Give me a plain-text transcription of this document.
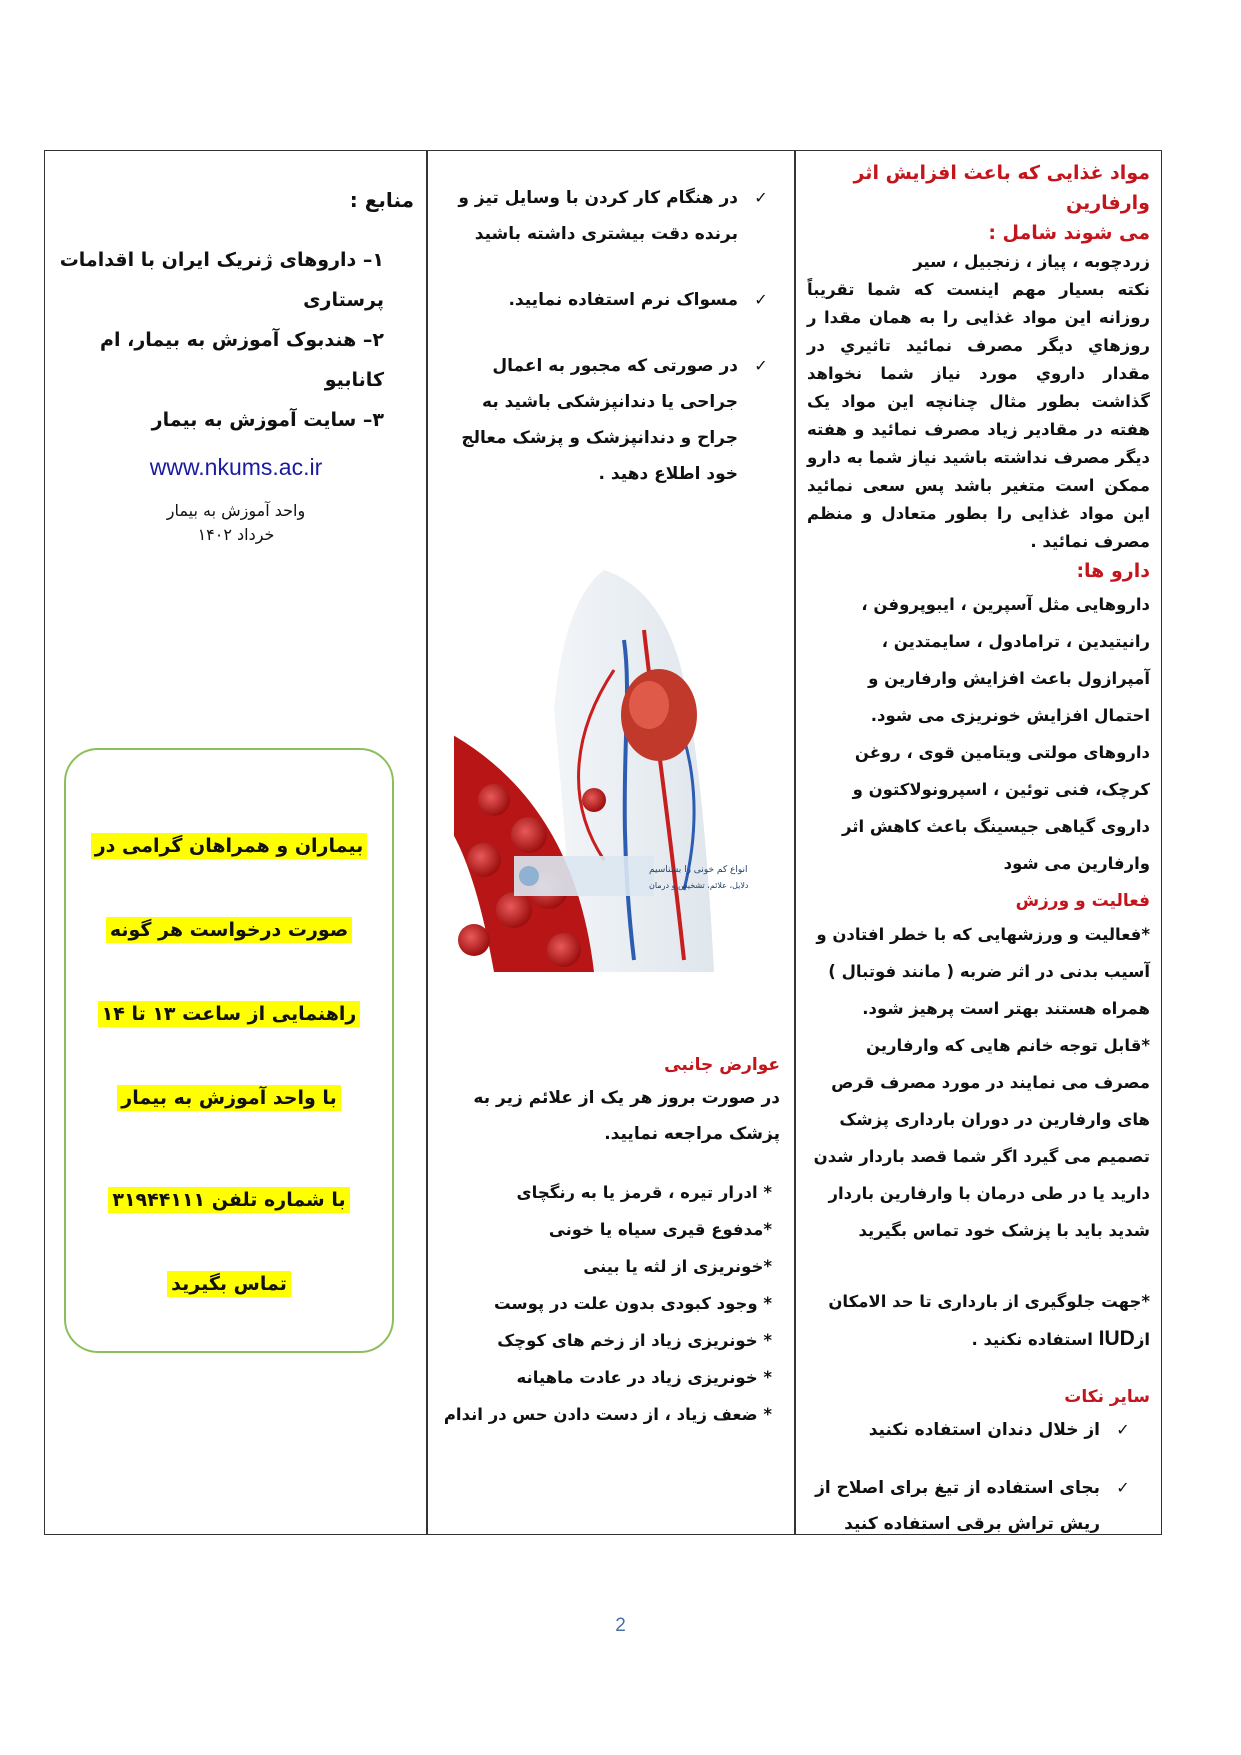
مواد غذایی که باعث افزایش اثر وارفارین

می شوند شامل :

زردچوبه ، پیاز ، زنجبیل ، سیر

نکته بسیار مهم اینست که شما تقریباً روزانه این مواد غذایی را به همان مقدا ر روزهاي دیگر مصرف نمائید تاثيري در مقدار داروي مورد نیاز شما نخواهد گذاشت بطور مثال چنانچه این مواد یک هفته در مقادیر زیاد مصرف نمائید و هفته دیگر مصرف نداشته باشید نیاز شما به دارو ممکن است متغیر باشد پس سعی نمائید این مواد غذایی را بطور متعادل و منظم مصرف نمائید .

دارو ها:

داروهایی مثل آسپرین ، ایبوپروفن ، رانیتیدین ، ترامادول ، سایمتدین ، آمپرازول باعث افزایش وارفارین و احتمال افزایش خونریزی می شود.

داروهای مولتی ویتامین قوی ، روغن کرچک، فنی توئین ، اسپرونولاکتون و داروی گیاهی جیسینگ باعث کاهش اثر وارفارین می شود

فعالیت و ورزش

*فعالیت و ورزشهایی که با خطر افتادن و آسیب بدنی در اثر ضربه ( مانند فوتبال ) همراه هستند بهتر است پرهیز شود.

*قابل توجه خانم هایی که وارفارین مصرف می نمایند در مورد مصرف قرص های وارفارین در دوران بارداری پزشک تصمیم می گیرد اگر شما قصد باردار شدن دارید یا در طی درمان با وارفارین باردار شدید باید با پزشک خود تماس بگیرید

*جهت جلوگیری از بارداری تا حد الامکان ازIUD استفاده نکنید .

سایر نکات

✓
از خلال دندان استفاده نکنید
✓
بجای استفاده از تیغ برای اصلاح از ریش تراش برقی استفاده کنید
✓
در هنگام کار کردن با وسایل تیز و برنده دقت بیشتری داشته باشید
✓
مسواک نرم استفاده نمایید.
✓
در صورتی که مجبور به اعمال جراحی یا دندانپزشکی باشید به جراح و دندانپزشک و پزشک معالج خود اطلاع دهید .
انواع کم خونی را بشناسیم
دلایل، علائم، تشخیص و درمان

عوارض جانبی

در صورت بروز هر یک از علائم زیر به پزشک مراجعه نمایید.

* ادرار تیره ، قرمز یا به رنگچای

*مدفوع قیری سیاه یا خونی

*خونریزی از لثه یا بینی

* وجود کبودی بدون علت در پوست

* خونریزی زیاد از زخم های کوچک

* خونریزی زیاد در عادت ماهیانه

* ضعف زیاد ، از دست دادن حس در اندام

منابع :

۱– داروهای ژنریک ایران با اقدامات پرستاری

۲– هندبوک آموزش به بیمار، ام کانابیو

۳– سایت آموزش به بیمار

www.nkums.ac.ir

واحد آموزش به بیمار

خرداد ۱۴۰۲

بیماران و همراهان گرامی در

صورت درخواست هر گونه

راهنمایی از ساعت ۱۳ تا ۱۴

با واحد آموزش به بیمار

با شماره تلفن ۳۱۹۴۴۱۱۱

تماس بگیرید

2
